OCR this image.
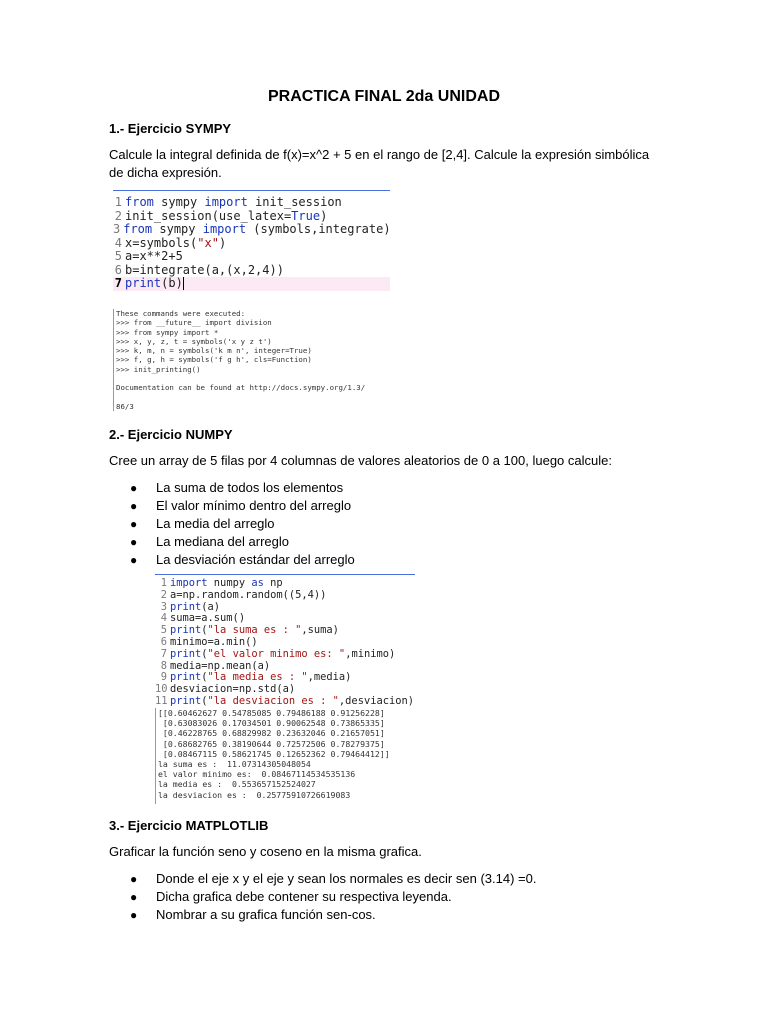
PRACTICA FINAL 2da UNIDAD
1.- Ejercicio SYMPY
Calcule la integral definida de f(x)=x^2 + 5 en el rango de [2,4]. Calcule la expresión simbólica
de dicha expresión.
1 from sympy import init_session
2 init_session(use_latex= True )
3 from sympy import (symbols,integrate)
4 x=symbols( "x" )
5 a=x**2+5
6 b=integrate(a,(x,2,4))
7 print (b)
These commands were executed:
>>> from __future__ import division
>>> from sympy import *
>>> x, y, z, t = symbols('x y z t')
>>> k, m, n = symbols('k m n', integer=True)
>>> f, g, h = symbols('f g h', cls=Function)
>>> init_printing()

Documentation can be found at http://docs.sympy.org/1.3/

86/3
2.- Ejercicio NUMPY
Cree un array de 5 filas por 4 columnas de valores aleatorios de 0 a 100, luego calcule:
●	La suma de todos los elementos
●	El valor mínimo dentro del arreglo
●	La media del arreglo
●	La mediana del arreglo
●	La desviación estándar del arreglo
1 import numpy as np
2 a=np.random.random((5,4))
3 print (a)
4 suma=a.sum()
5 print ( "la suma es : " ,suma)
6 minimo=a.min()
7 print ( "el valor minimo es: " ,minimo)
8 media=np.mean(a)
9 print ( "la media es : " ,media)
10 desviacion=np.std(a)
11 print ( "la desviacion es : " ,desviacion)
[[0.60462627 0.54785085 0.79486188 0.91256228]
[0.63083026 0.17034501 0.90062548 0.73865335]
[0.46228765 0.68829982 0.23632046 0.21657051]
[0.68682765 0.38190644 0.72572506 0.78279375]
[0.08467115 0.58621745 0.12652362 0.79464412]]
la suma es :  11.07314305048054
el valor minimo es:  0.08467114534535136
la media es :  0.553657152524027
la desviacion es :  0.25775910726619083
3.- Ejercicio MATPLOTLIB
Graficar la función seno y coseno en la misma grafica.
●	Donde el eje x y el eje y sean los normales es decir sen (3.14) =0.
●	Dicha grafica debe contener su respectiva leyenda.
●	Nombrar a su grafica función sen-cos.
